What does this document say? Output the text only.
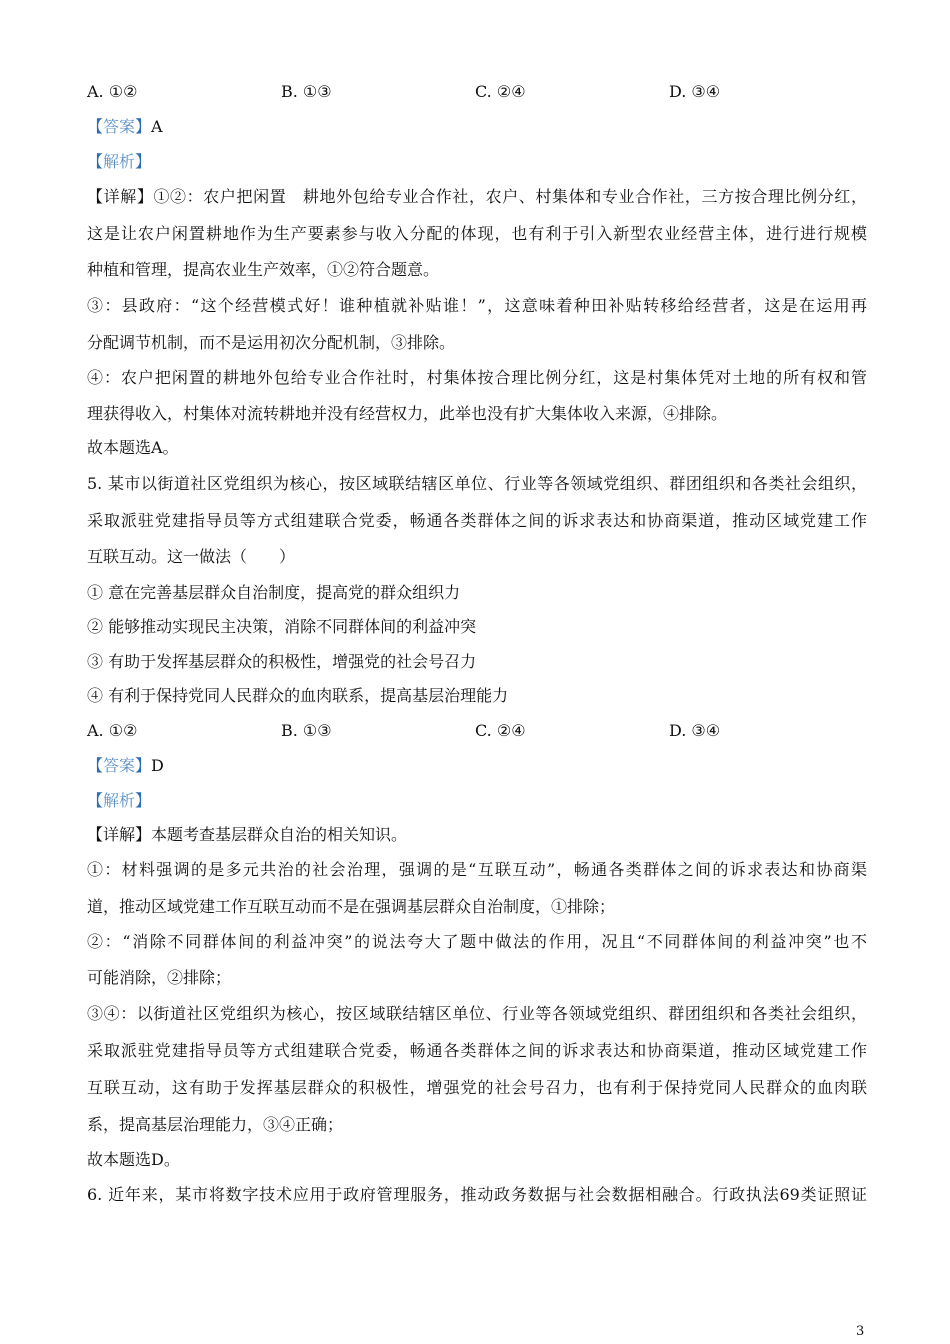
A. ①②	B. ①③	C. ②④	D. ③④
【答案】A
【解析】
【详解】①②：农户把闲置　耕地外包给专业合作社，农户、村集体和专业合作社，三方按合理比例分红，
这是让农户闲置耕地作为生产要素参与收入分配的体现，也有利于引入新型农业经营主体，进行进行规模
种植和管理，提高农业生产效率，①②符合题意。
③：县政府：“这个经营模式好！谁种植就补贴谁！”，这意味着种田补贴转移给经营者，这是在运用再
分配调节机制，而不是运用初次分配机制，③排除。
④：农户把闲置的耕地外包给专业合作社时，村集体按合理比例分红，这是村集体凭对土地的所有权和管
理获得收入，村集体对流转耕地并没有经营权力，此举也没有扩大集体收入来源，④排除。
故本题选A。
5. 某市以街道社区党组织为核心，按区域联结辖区单位、行业等各领域党组织、群团组织和各类社会组织，
采取派驻党建指导员等方式组建联合党委，畅通各类群体之间的诉求表达和协商渠道，推动区域党建工作
互联互动。这一做法（　　）
① 意在完善基层群众自治制度，提高党的群众组织力
② 能够推动实现民主决策，消除不同群体间的利益冲突
③ 有助于发挥基层群众的积极性，增强党的社会号召力
④ 有利于保持党同人民群众的血肉联系，提高基层治理能力
A. ①②	B. ①③	C. ②④	D. ③④
【答案】D
【解析】
【详解】本题考查基层群众自治的相关知识。
①：材料强调的是多元共治的社会治理，强调的是“互联互动”，畅通各类群体之间的诉求表达和协商渠
道，推动区域党建工作互联互动而不是在强调基层群众自治制度，①排除；
②：“消除不同群体间的利益冲突”的说法夸大了题中做法的作用，况且“不同群体间的利益冲突”也不
可能消除，②排除；
③④：以街道社区党组织为核心，按区域联结辖区单位、行业等各领域党组织、群团组织和各类社会组织，
采取派驻党建指导员等方式组建联合党委，畅通各类群体之间的诉求表达和协商渠道，推动区域党建工作
互联互动，这有助于发挥基层群众的积极性，增强党的社会号召力，也有利于保持党同人民群众的血肉联
系，提高基层治理能力，③④正确；
故本题选D。
6. 近年来，某市将数字技术应用于政府管理服务，推动政务数据与社会数据相融合。行政执法69类证照证
3
